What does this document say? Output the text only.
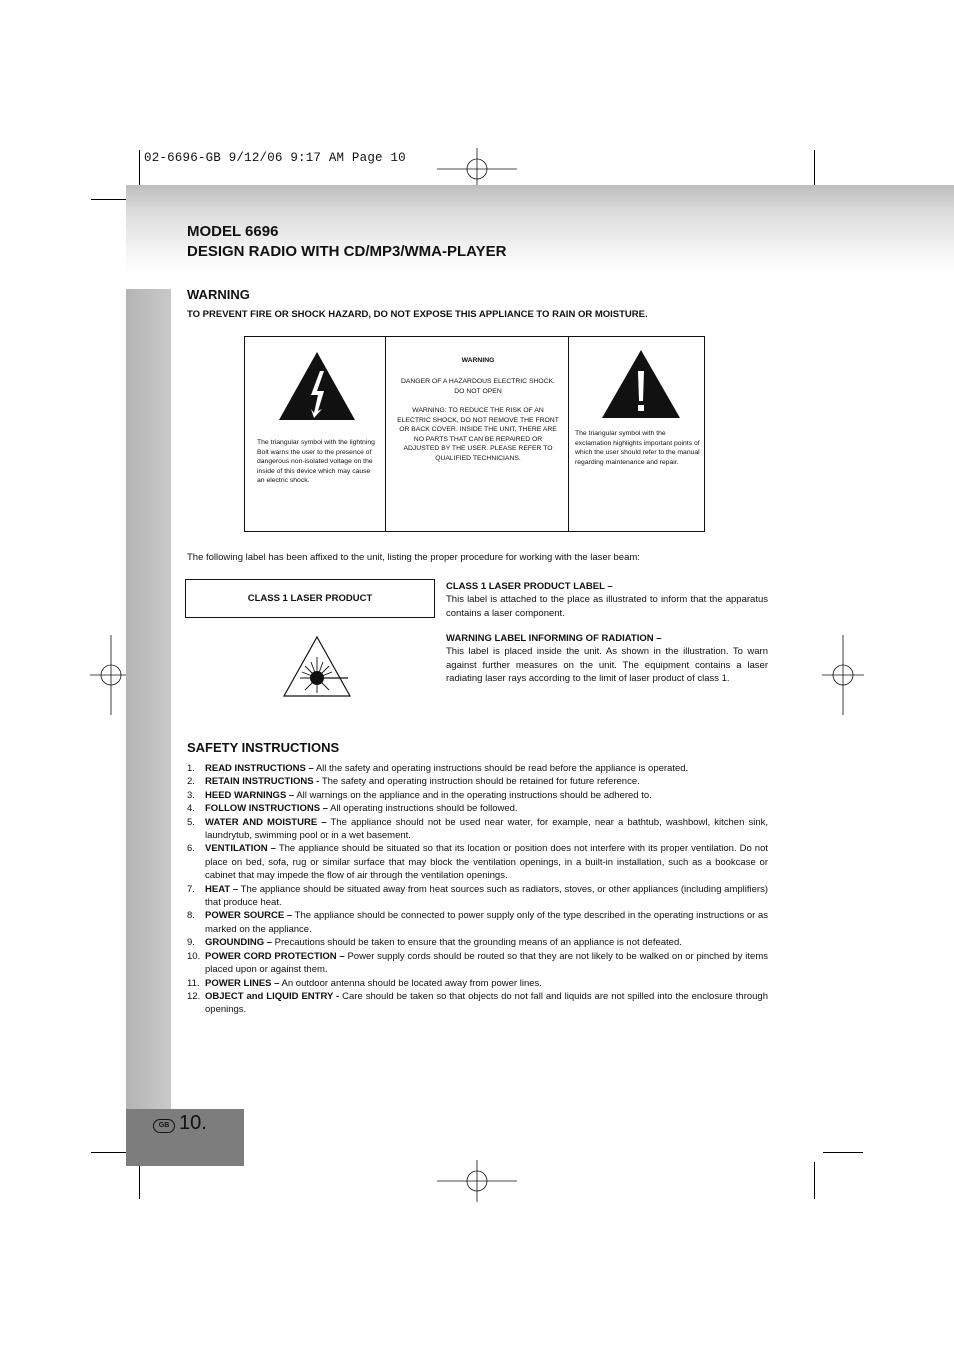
02-6696-GB 9/12/06 9:17 AM Page 10
GB 10.
MODEL 6696
DESIGN RADIO WITH CD/MP3/WMA-PLAYER
WARNING
TO PREVENT FIRE OR SHOCK HAZARD, DO NOT EXPOSE THIS APPLIANCE TO RAIN OR MOISTURE.
The triangular symbol with the lightning Bolt warns the user to the presence of dangerous non-isolated voltage on the inside of this device which may cause an electric shock.
WARNING
DANGER OF A HAZARDOUS ELECTRIC SHOCK. DO NOT OPEN
WARNING: TO REDUCE THE RISK OF AN ELECTRIC SHOCK, DO NOT REMOVE THE FRONT OR BACK COVER. INSIDE THE UNIT, THERE ARE NO PARTS THAT CAN BE REPAIRED OR ADJUSTED BY THE USER. PLEASE REFER TO QUALIFIED TECHNICIANS.
The triangular symbol with the exclamation highlights important points of which the user should refer to the manual regarding maintenance and repair.
The following label has been affixed to the unit, listing the proper procedure for working with the laser beam:
CLASS 1 LASER PRODUCT
CLASS 1 LASER PRODUCT LABEL –
This label is attached to the place as illustrated to inform that the apparatus contains a laser component.
WARNING LABEL INFORMING OF RADIATION –
This label is placed inside the unit. As shown in the illustration. To warn against further measures on the unit. The equipment contains a laser radiating laser rays according to the limit of laser product of class 1.
SAFETY INSTRUCTIONS
1. READ INSTRUCTIONS – All the safety and operating instructions should be read before the appliance is operated.
2. RETAIN INSTRUCTIONS - The safety and operating instruction should be retained for future reference.
3. HEED WARNINGS – All warnings on the appliance and in the operating instructions should be adhered to.
4. FOLLOW INSTRUCTIONS – All operating instructions should be followed.
5. WATER AND MOISTURE – The appliance should not be used near water, for example, near a bathtub, washbowl, kitchen sink, laundrytub, swimming pool or in a wet basement.
6. VENTILATION – The appliance should be situated so that its location or position does not interfere with its proper ventilation. Do not place on bed, sofa, rug or similar surface that may block the ventilation openings, in a built-in installation, such as a bookcase or cabinet that may impede the flow of air through the ventilation openings.
7. HEAT – The appliance should be situated away from heat sources such as radiators, stoves, or other appliances (including amplifiers) that produce heat.
8. POWER SOURCE – The appliance should be connected to power supply only of the type described in the operating instructions or as marked on the appliance.
9. GROUNDING – Precautions should be taken to ensure that the grounding means of an appliance is not defeated.
10. POWER CORD PROTECTION – Power supply cords should be routed so that they are not likely to be walked on or pinched by items placed upon or against them.
11. POWER LINES – An outdoor antenna should be located away from power lines.
12. OBJECT and LIQUID ENTRY - Care should be taken so that objects do not fall and liquids are not spilled into the enclosure through openings.
